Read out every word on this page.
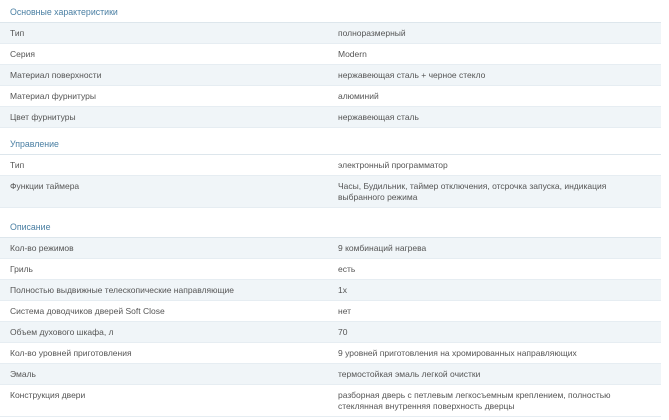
Основные характеристики
Тип	полноразмерный
Серия	Modern
Материал поверхности	нержавеющая сталь + черное стекло
Материал фурнитуры	алюминий
Цвет фурнитуры	нержавеющая сталь
Управление
Тип	электронный программатор
Функции таймера	Часы, Будильник, таймер отключения, отсрочка запуска, индикация выбранного режима
Описание
Кол-во режимов	9 комбинаций нагрева
Гриль	есть
Полностью выдвижные телескопические направляющие	1х
Система доводчиков дверей Soft Close	нет
Объем духового шкафа, л	70
Кол-во уровней приготовления	9 уровней приготовления на хромированных направляющих
Эмаль	термостойкая эмаль легкой очистки
Конструкция двери	разборная дверь с петлевым легкосъемным креплением, полностью стеклянная внутренняя поверхность дверцы
